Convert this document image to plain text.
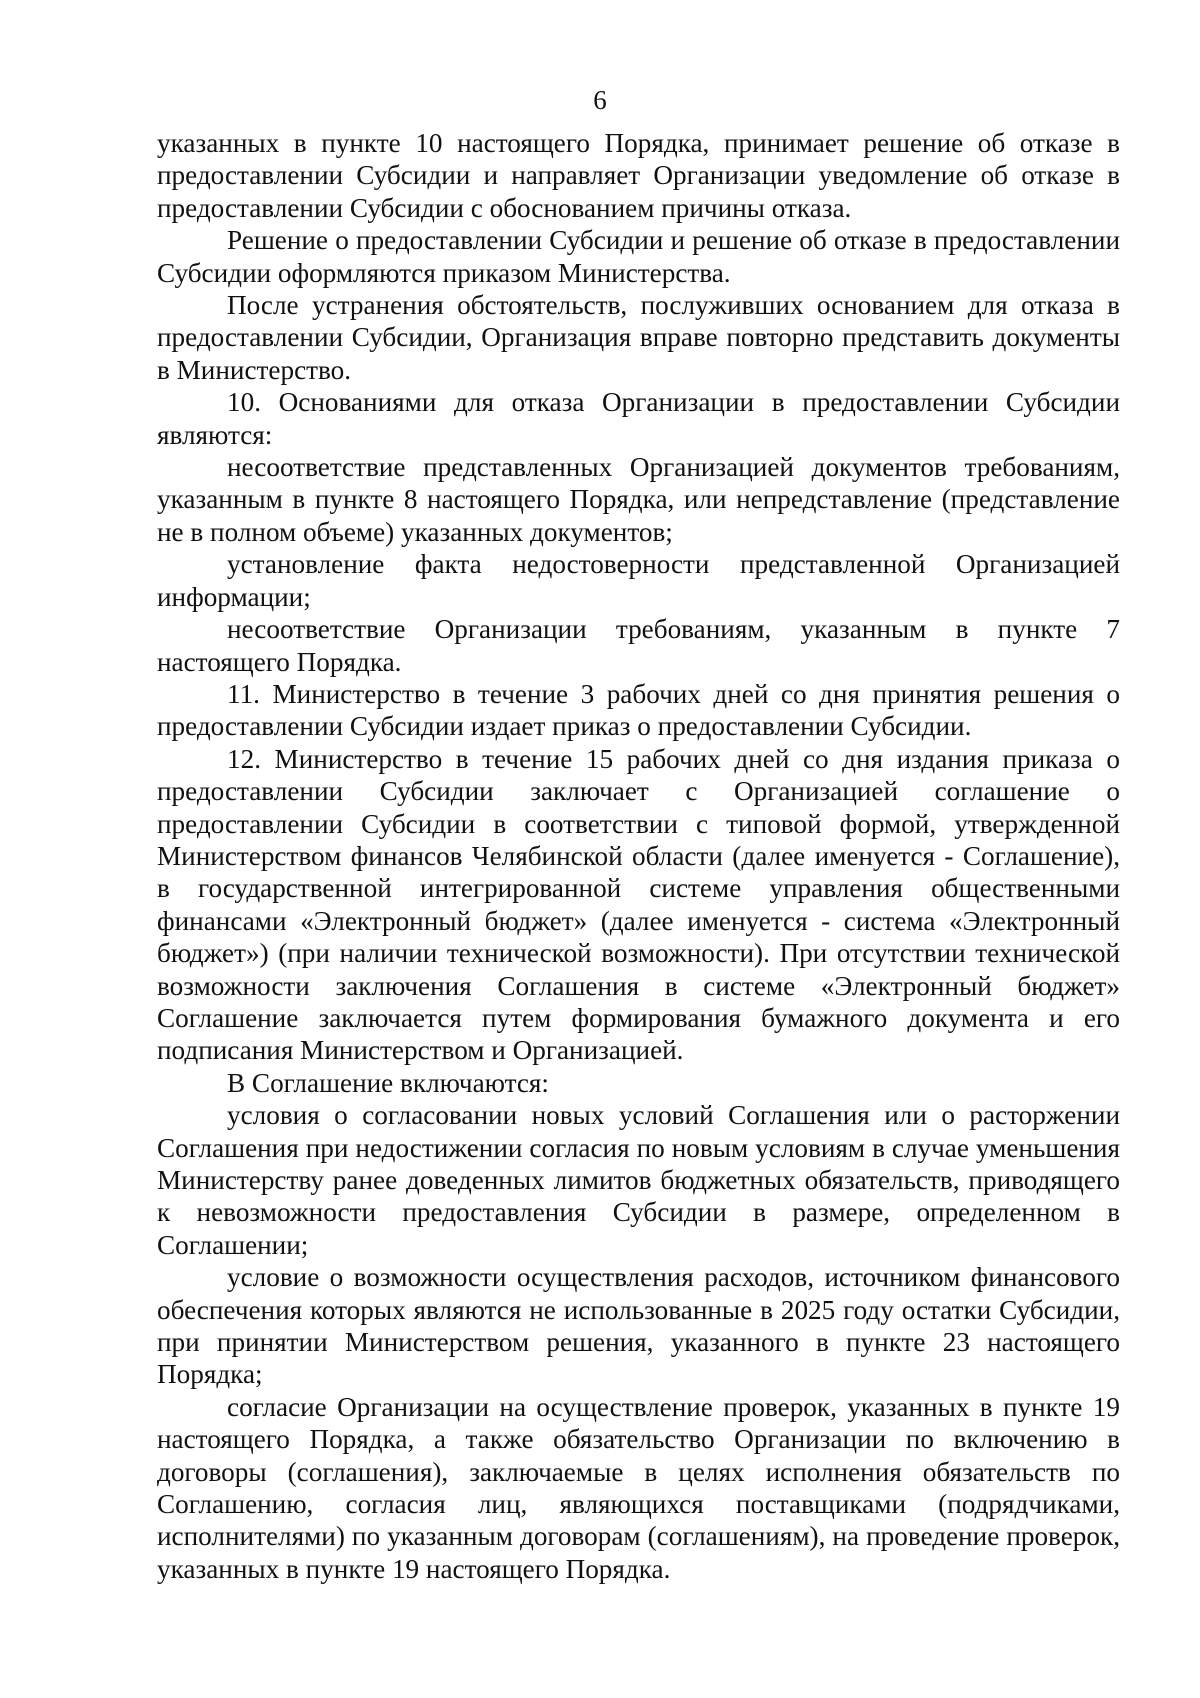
6

указанных в пункте 10 настоящего Порядка, принимает решение об отказе в предоставлении Субсидии и направляет Организации уведомление об отказе в предоставлении Субсидии с обоснованием причины отказа.

Решение о предоставлении Субсидии и решение об отказе в предоставлении Субсидии оформляются приказом Министерства.

После устранения обстоятельств, послуживших основанием для отказа в предоставлении Субсидии, Организация вправе повторно представить документы в Министерство.

10. Основаниями для отказа Организации в предоставлении Субсидии являются:

несоответствие представленных Организацией документов требованиям, указанным в пункте 8 настоящего Порядка, или непредставление (представление не в полном объеме) указанных документов;

установление факта недостоверности представленной Организацией информации;

несоответствие Организации требованиям, указанным в пункте 7 настоящего Порядка.

11. Министерство в течение 3 рабочих дней со дня принятия решения о предоставлении Субсидии издает приказ о предоставлении Субсидии.

12. Министерство в течение 15 рабочих дней со дня издания приказа о предоставлении Субсидии заключает с Организацией соглашение о предоставлении Субсидии в соответствии с типовой формой, утвержденной Министерством финансов Челябинской области (далее именуется - Соглашение), в государственной интегрированной системе управления общественными финансами «Электронный бюджет» (далее именуется - система «Электронный бюджет») (при наличии технической возможности). При отсутствии технической возможности заключения Соглашения в системе «Электронный бюджет» Соглашение заключается путем формирования бумажного документа и его подписания Министерством и Организацией.

В Соглашение включаются:

условия о согласовании новых условий Соглашения или о расторжении Соглашения при недостижении согласия по новым условиям в случае уменьшения Министерству ранее доведенных лимитов бюджетных обязательств, приводящего к невозможности предоставления Субсидии в размере, определенном в Соглашении;

условие о возможности осуществления расходов, источником финансового обеспечения которых являются не использованные в 2025 году остатки Субсидии, при принятии Министерством решения, указанного в пункте 23 настоящего Порядка;

согласие Организации на осуществление проверок, указанных в пункте 19 настоящего Порядка, а также обязательство Организации по включению в договоры (соглашения), заключаемые в целях исполнения обязательств по Соглашению, согласия лиц, являющихся поставщиками (подрядчиками, исполнителями) по указанным договорам (соглашениям), на проведение проверок, указанных в пункте 19 настоящего Порядка.
